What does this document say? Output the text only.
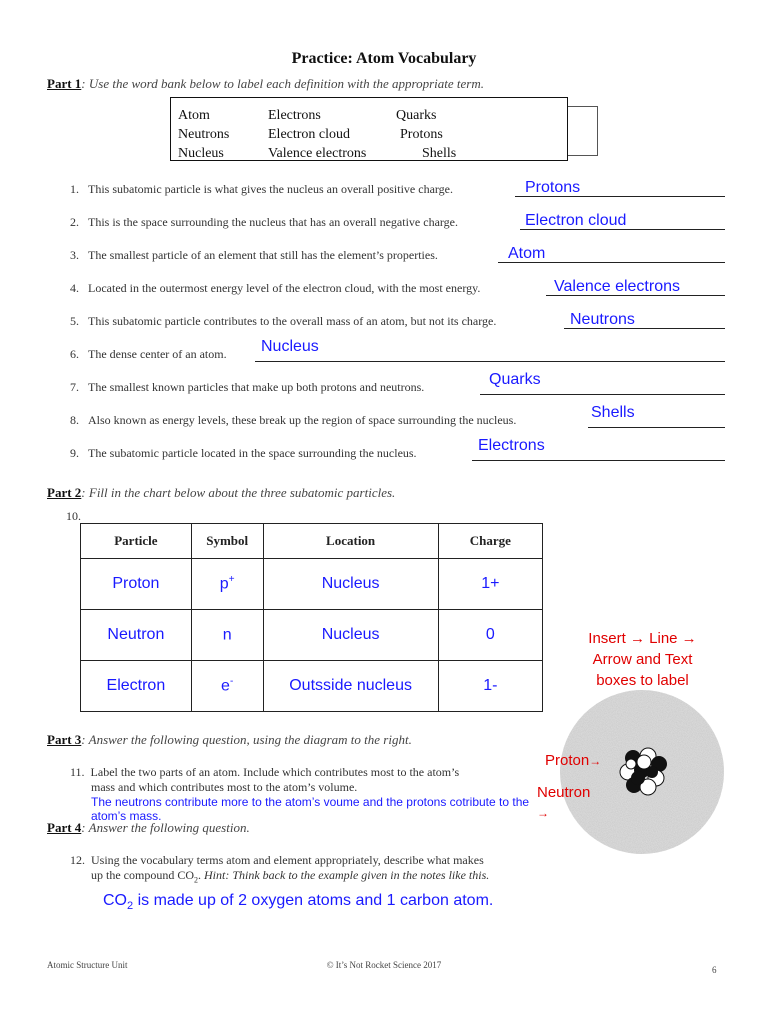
Practice: Atom Vocabulary
Part 1: Use the word bank below to label each definition with the appropriate term.
Atom	Electrons	Quarks
Neutrons	Electron cloud	Protons
Nucleus	Valence electrons	Shells
1.   This subatomic particle is what gives the nucleus an overall positive charge.	Protons
2.   This is the space surrounding the nucleus that has an overall negative charge.	Electron cloud
3.   The smallest particle of an element that still has the element’s properties.	Atom
4.   Located in the outermost energy level of the electron cloud, with the most energy.	Valence electrons
5.   This subatomic particle contributes to the overall mass of an atom, but not its charge.	Neutrons
6.   The dense center of an atom. Nucleus
7.   The smallest known particles that make up both protons and neutrons.	Quarks
8.   Also known as energy levels, these break up the region of space surrounding the nucleus.	Shells
9.   The subatomic particle located in the space surrounding the nucleus.	Electrons
Part 2: Fill in the chart below about the three subatomic particles.
10.
Particle	Symbol	Location	Charge
Proton	p+	Nucleus	1+
Neutron	n	Nucleus	0
Electron	e-	Outsside nucleus	1-
Insert → Line →
Arrow and Text
boxes to label
Proton→
Neutron
→
Part 3: Answer the following question, using the diagram to the right.
11.  Label the two parts of an atom. Include which contributes most to the atom’s
mass and which contributes most to the atom’s volume.
The neutrons contribute more to the atom’s voume and the protons cotribute to the atom’s mass.
Part 4: Answer the following question.
12.  Using the vocabulary terms atom and element appropriately, describe what makes
up the compound $CO_2$. Hint: Think back to the example given in the notes like this.
$CO_2$ is made up of 2 oxygen atoms and 1 carbon atom.
Atomic Structure Unit	© It’s Not Rocket Science 2017	6
